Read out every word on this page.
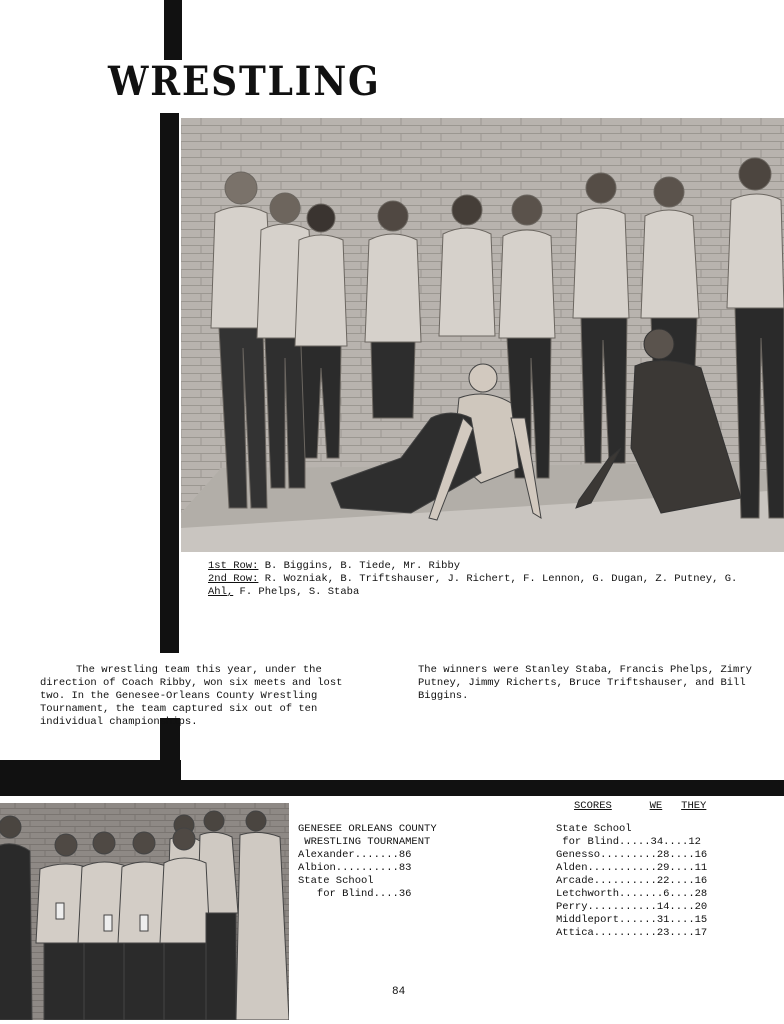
WRESTLING
1st Row: B. Biggins, B. Tiede, Mr. Ribby
2nd Row: R. Wozniak, B. Triftshauser, J. Richert, F. Lennon, G. Dugan, Z. Putney, G.
Ahl, F. Phelps, S. Staba

The wrestling team this year, under the direction of Coach Ribby, won six meets and lost two. In the Genesee-Orleans County Wrestling Tournament, the team captured six out of ten individual championships.

The winners were Stanley Staba, Francis Phelps, Zimry Putney, Jimmy Richerts, Bruce Triftshauser, and Bill Biggins.
GENESEE ORLEANS COUNTY
WRESTLING TOURNAMENT
Alexander.......86
Albion..........83
State School
for Blind....36
SCORES	WE THEY
State School
for Blind.....34....12
Genesso.........28....16
Alden...........29....11
Arcade..........22....16
Letchworth.......6....28
Perry...........14....20
Middleport......31....15
Attica..........23....17
84
